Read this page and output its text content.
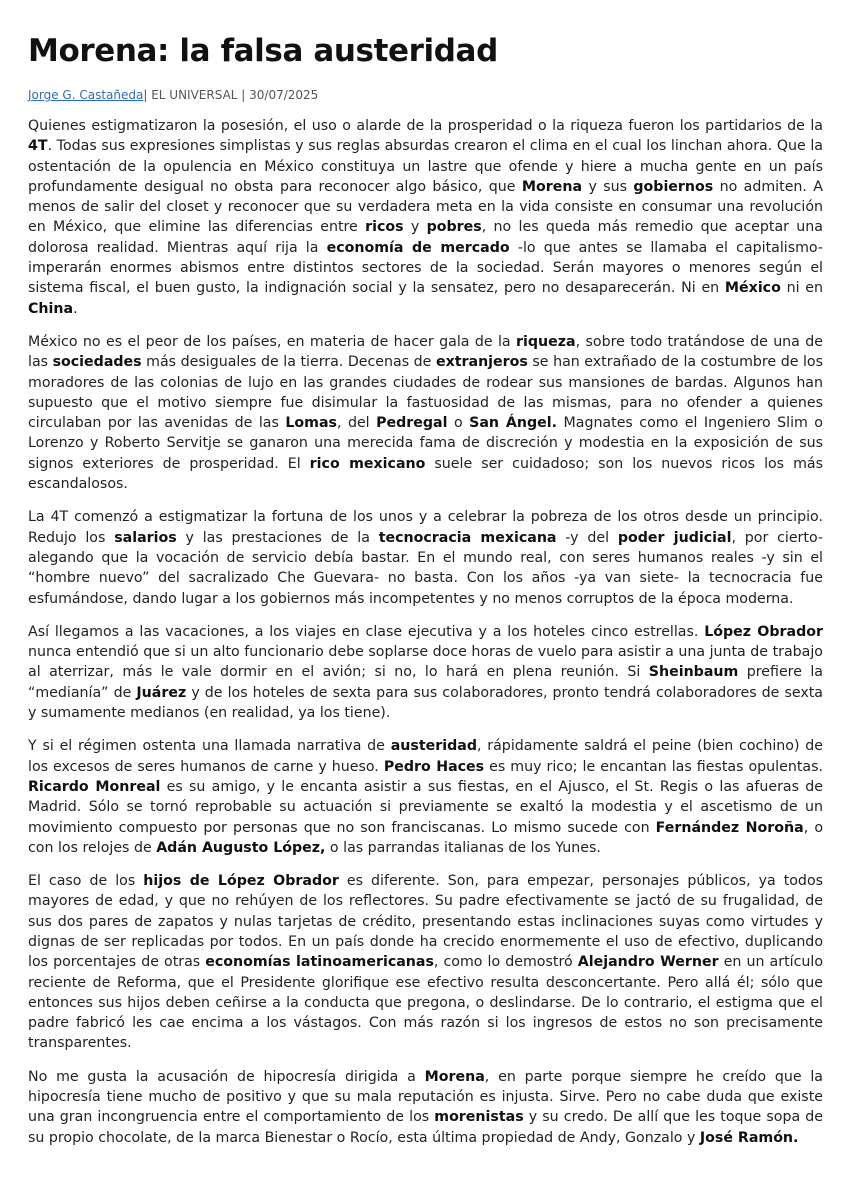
Morena: la falsa austeridad
Jorge G. Castañeda| EL UNIVERSAL | 30/07/2025

Quienes estigmatizaron la posesión, el uso o alarde de la prosperidad o la riqueza fueron los partidarios de la 4T. Todas sus expresiones simplistas y sus reglas absurdas crearon el clima en el cual los linchan ahora. Que la ostentación de la opulencia en México constituya un lastre que ofende y hiere a mucha gente en un país profundamente desigual no obsta para reconocer algo básico, que Morena y sus gobiernos no admiten. A menos de salir del closet y reconocer que su verdadera meta en la vida consiste en consumar una revolución en México, que elimine las diferencias entre ricos y pobres, no les queda más remedio que aceptar una dolorosa realidad. Mientras aquí rija la economía de mercado -lo que antes se llamaba el capitalismo- imperarán enormes abismos entre distintos sectores de la sociedad. Serán mayores o menores según el sistema fiscal, el buen gusto, la indignación social y la sensatez, pero no desaparecerán. Ni en México ni en China.

México no es el peor de los países, en materia de hacer gala de la riqueza, sobre todo tratándose de una de las sociedades más desiguales de la tierra. Decenas de extranjeros se han extrañado de la costumbre de los moradores de las colonias de lujo en las grandes ciudades de rodear sus mansiones de bardas. Algunos han supuesto que el motivo siempre fue disimular la fastuosidad de las mismas, para no ofender a quienes circulaban por las avenidas de las Lomas, del Pedregal o San Ángel. Magnates como el Ingeniero Slim o Lorenzo y Roberto Servitje se ganaron una merecida fama de discreción y modestia en la exposición de sus signos exteriores de prosperidad. El rico mexicano suele ser cuidadoso; son los nuevos ricos los más escandalosos.

La 4T comenzó a estigmatizar la fortuna de los unos y a celebrar la pobreza de los otros desde un principio. Redujo los salarios y las prestaciones de la tecnocracia mexicana -y del poder judicial, por cierto- alegando que la vocación de servicio debía bastar. En el mundo real, con seres humanos reales -y sin el “hombre nuevo” del sacralizado Che Guevara- no basta. Con los años -ya van siete- la tecnocracia fue esfumándose, dando lugar a los gobiernos más incompetentes y no menos corruptos de la época moderna.

Así llegamos a las vacaciones, a los viajes en clase ejecutiva y a los hoteles cinco estrellas. López Obrador nunca entendió que si un alto funcionario debe soplarse doce horas de vuelo para asistir a una junta de trabajo al aterrizar, más le vale dormir en el avión; si no, lo hará en plena reunión. Si Sheinbaum prefiere la “medianía” de Juárez y de los hoteles de sexta para sus colaboradores, pronto tendrá colaboradores de sexta y sumamente medianos (en realidad, ya los tiene).

Y si el régimen ostenta una llamada narrativa de austeridad, rápidamente saldrá el peine (bien cochino) de los excesos de seres humanos de carne y hueso. Pedro Haces es muy rico; le encantan las fiestas opulentas. Ricardo Monreal es su amigo, y le encanta asistir a sus fiestas, en el Ajusco, el St. Regis o las afueras de Madrid. Sólo se tornó reprobable su actuación si previamente se exaltó la modestia y el ascetismo de un movimiento compuesto por personas que no son franciscanas. Lo mismo sucede con Fernández Noroña, o con los relojes de Adán Augusto López, o las parrandas italianas de los Yunes.

El caso de los hijos de López Obrador es diferente. Son, para empezar, personajes públicos, ya todos mayores de edad, y que no rehúyen de los reflectores. Su padre efectivamente se jactó de su frugalidad, de sus dos pares de zapatos y nulas tarjetas de crédito, presentando estas inclinaciones suyas como virtudes y dignas de ser replicadas por todos. En un país donde ha crecido enormemente el uso de efectivo, duplicando los porcentajes de otras economías latinoamericanas, como lo demostró Alejandro Werner en un artículo reciente de Reforma, que el Presidente glorifique ese efectivo resulta desconcertante. Pero allá él; sólo que entonces sus hijos deben ceñirse a la conducta que pregona, o deslindarse. De lo contrario, el estigma que el padre fabricó les cae encima a los vástagos. Con más razón si los ingresos de estos no son precisamente transparentes.

No me gusta la acusación de hipocresía dirigida a Morena, en parte porque siempre he creído que la hipocresía tiene mucho de positivo y que su mala reputación es injusta. Sirve. Pero no cabe duda que existe una gran incongruencia entre el comportamiento de los morenistas y su credo. De allí que les toque sopa de su propio chocolate, de la marca Bienestar o Rocío, esta última propiedad de Andy, Gonzalo y José Ramón.
